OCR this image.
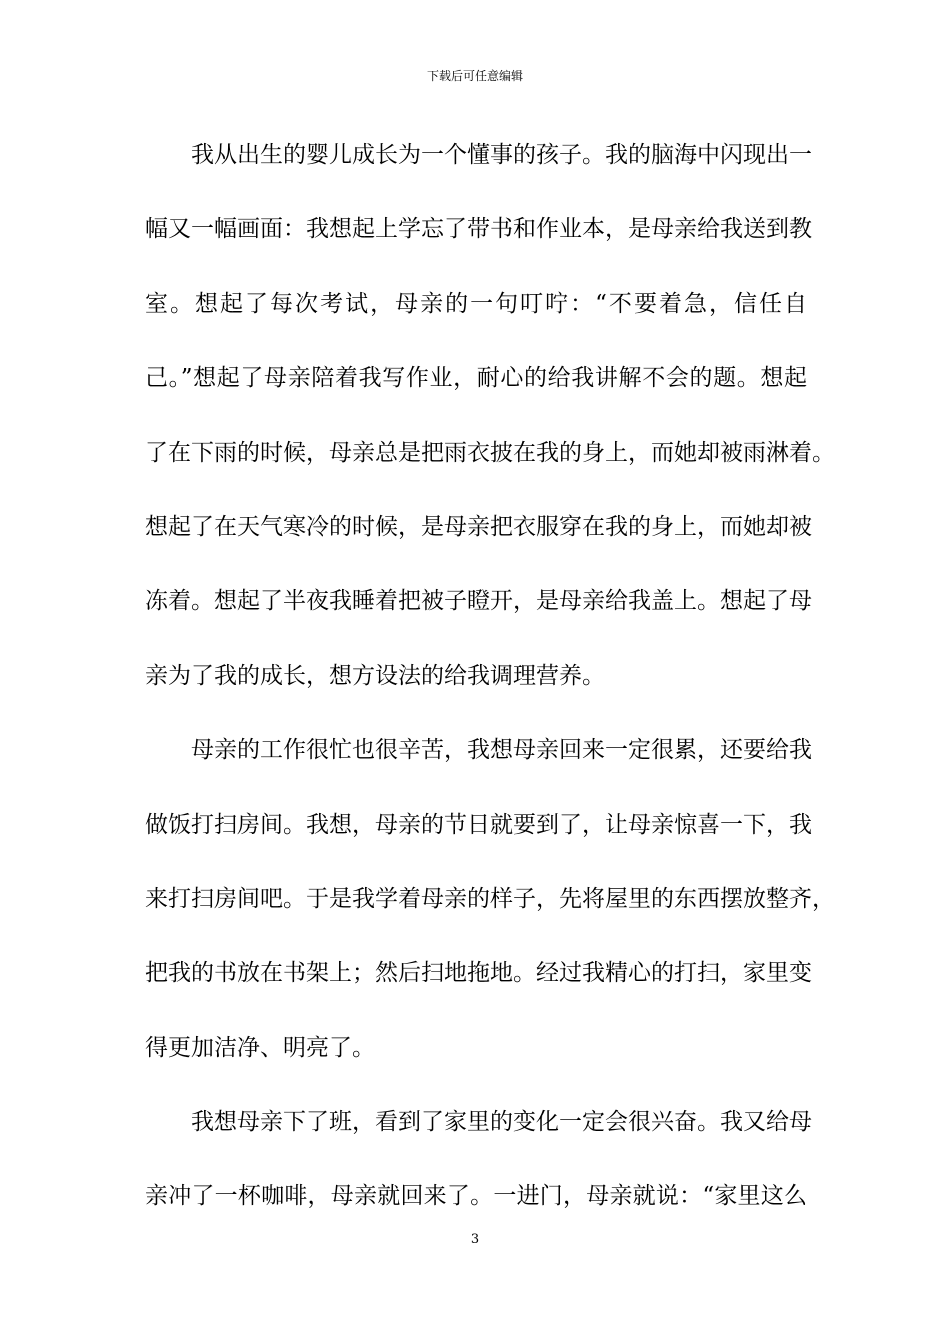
下载后可任意编辑
我从出生的婴儿成长为一个懂事的孩子。我的脑海中闪现出一
幅又一幅画面：我想起上学忘了带书和作业本，是母亲给我送到教
室。想起了每次考试，母亲的一句叮咛：“不要着急，信任自
己。”想起了母亲陪着我写作业，耐心的给我讲解不会的题。想起
了在下雨的时候，母亲总是把雨衣披在我的身上，而她却被雨淋着。
想起了在天气寒冷的时候，是母亲把衣服穿在我的身上，而她却被
冻着。想起了半夜我睡着把被子瞪开，是母亲给我盖上。想起了母
亲为了我的成长，想方设法的给我调理营养。
母亲的工作很忙也很辛苦，我想母亲回来一定很累，还要给我
做饭打扫房间。我想，母亲的节日就要到了，让母亲惊喜一下，我
来打扫房间吧。于是我学着母亲的样子，先将屋里的东西摆放整齐，
把我的书放在书架上；然后扫地拖地。经过我精心的打扫，家里变
得更加洁净、明亮了。
我想母亲下了班，看到了家里的变化一定会很兴奋。我又给母
亲冲了一杯咖啡，母亲就回来了。一进门，母亲就说：“家里这么
3
